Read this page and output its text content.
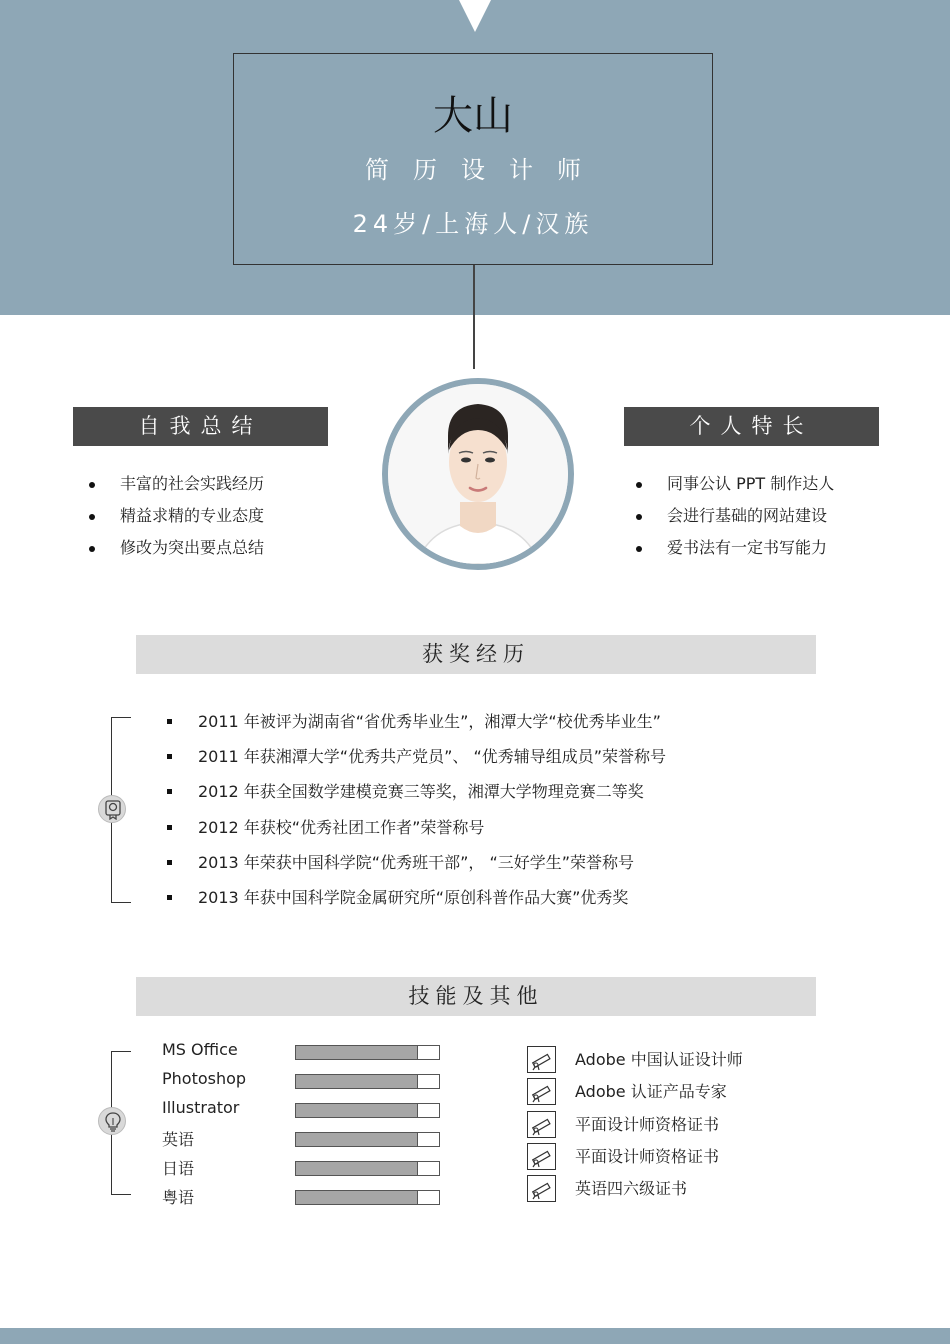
大山
简历设计师
24岁/上海人/汉族
自我总结
丰富的社会实践经历
精益求精的专业态度
修改为突出要点总结
个人特长
同事公认 PPT 制作达人
会进行基础的网站建设
爱书法有一定书写能力
获奖经历
2011 年被评为湖南省“省优秀毕业生”，湘潭大学“校优秀毕业生”
2011 年获湘潭大学“优秀共产党员”、 “优秀辅导组成员”荣誉称号
2012 年获全国数学建模竞赛三等奖，湘潭大学物理竞赛二等奖
2012 年获校“优秀社团工作者”荣誉称号
2013 年荣获中国科学院“优秀班干部”， “三好学生”荣誉称号
2013 年获中国科学院金属研究所“原创科普作品大赛”优秀奖
技能及其他
MS Office
Photoshop
Illustrator
英语
日语
粤语
Adobe 中国认证设计师
Adobe 认证产品专家
平面设计师资格证书
平面设计师资格证书
英语四六级证书
